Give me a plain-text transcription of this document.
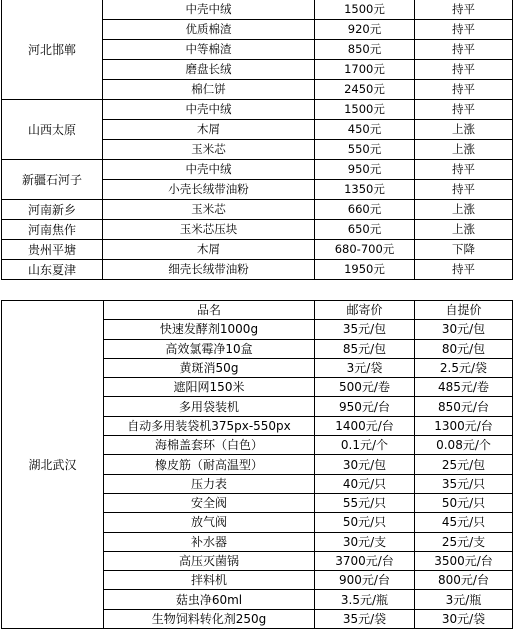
河北邯郸	中壳中绒	1500元	持平
	优质棉渣	920元	持平
	中等棉渣	850元	持平
	磨盘长绒	1700元	持平
	棉仁饼	2450元	持平
山西太原	中壳中绒	1500元	持平
	木屑	450元	上涨
	玉米芯	550元	上涨
新疆石河子	中壳中绒	950元	持平
	小壳长绒带油粉	1350元	持平
河南新乡	玉米芯	660元	上涨
河南焦作	玉米芯压块	650元	上涨
贵州平塘	木屑	680-700元	下降
山东夏津	细壳长绒带油粉	1950元	持平
湖北武汉	品名	邮寄价	自提价
	快速发酵剂1000g	35元/包	30元/包
	高效氯霉净10盒	85元/包	80元/包
	黄斑消50g	3元/袋	2.5元/袋
	遮阳网150米	500元/卷	485元/卷
	多用袋装机	950元/台	850元/台
	自动多用装袋机375px-550px	1400元/台	1300元/台
	海棉盖套环（白色）	0.1元/个	0.08元/个
	橡皮筋（耐高温型）	30元/包	25元/包
	压力表	40元/只	35元/只
	安全阀	55元/只	50元/只
	放气阀	50元/只	45元/只
	补水器	30元/支	25元/支
	高压灭菌锅	3700元/台	3500元/台
	拌料机	900元/台	800元/台
	菇虫净60ml	3.5元/瓶	3元/瓶
	生物饲料转化剂250g	35元/袋	30元/袋
